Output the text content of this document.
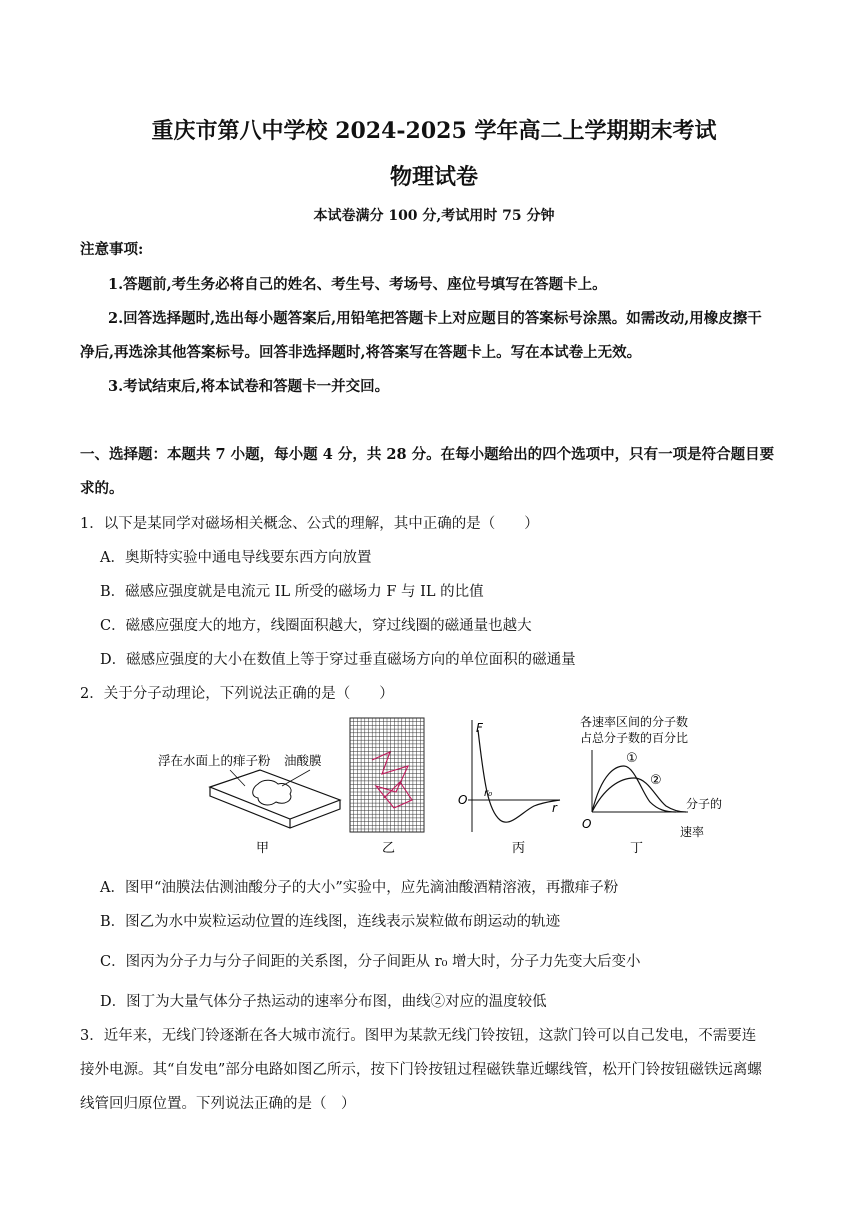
重庆市第八中学校 2024-2025 学年高二上学期期末考试
物理试卷
本试卷满分 100 分,考试用时 75 分钟
注意事项:
1.答题前,考生务必将自己的姓名、考生号、考场号、座位号填写在答题卡上。
2.回答选择题时,选出每小题答案后,用铅笔把答题卡上对应题目的答案标号涂黑。如需改动,用橡皮擦干
净后,再选涂其他答案标号。回答非选择题时,将答案写在答题卡上。写在本试卷上无效。
3.考试结束后,将本试卷和答题卡一并交回。
一、选择题：本题共 7 小题，每小题 4 分，共 28 分。在每小题给出的四个选项中，只有一项是符合题目要
求的。
1．以下是某同学对磁场相关概念、公式的理解，其中正确的是（　　）
A．奥斯特实验中通电导线要东西方向放置
B．磁感应强度就是电流元 IL 所受的磁场力 F 与 IL 的比值
C．磁感应强度大的地方，线圈面积越大，穿过线圈的磁通量也越大
D．磁感应强度的大小在数值上等于穿过垂直磁场方向的单位面积的磁通量
2．关于分子动理论，下列说法正确的是（　　）
浮在水面上的痱子粉 油酸膜
甲	乙
F
O r₀
r
丙
各速率区间的分子数
占总分子数的百分比
O
①
②
分子的
速率
丁
A．图甲“油膜法估测油酸分子的大小”实验中，应先滴油酸酒精溶液，再撒痱子粉
B．图乙为水中炭粒运动位置的连线图，连线表示炭粒做布朗运动的轨迹
C．图丙为分子力与分子间距的关系图，分子间距从 r₀ 增大时，分子力先变大后变小
D．图丁为大量气体分子热运动的速率分布图，曲线②对应的温度较低
3．近年来，无线门铃逐渐在各大城市流行。图甲为某款无线门铃按钮，这款门铃可以自己发电，不需要连
接外电源。其“自发电”部分电路如图乙所示，按下门铃按钮过程磁铁靠近螺线管，松开门铃按钮磁铁远离螺
线管回归原位置。下列说法正确的是（　）
